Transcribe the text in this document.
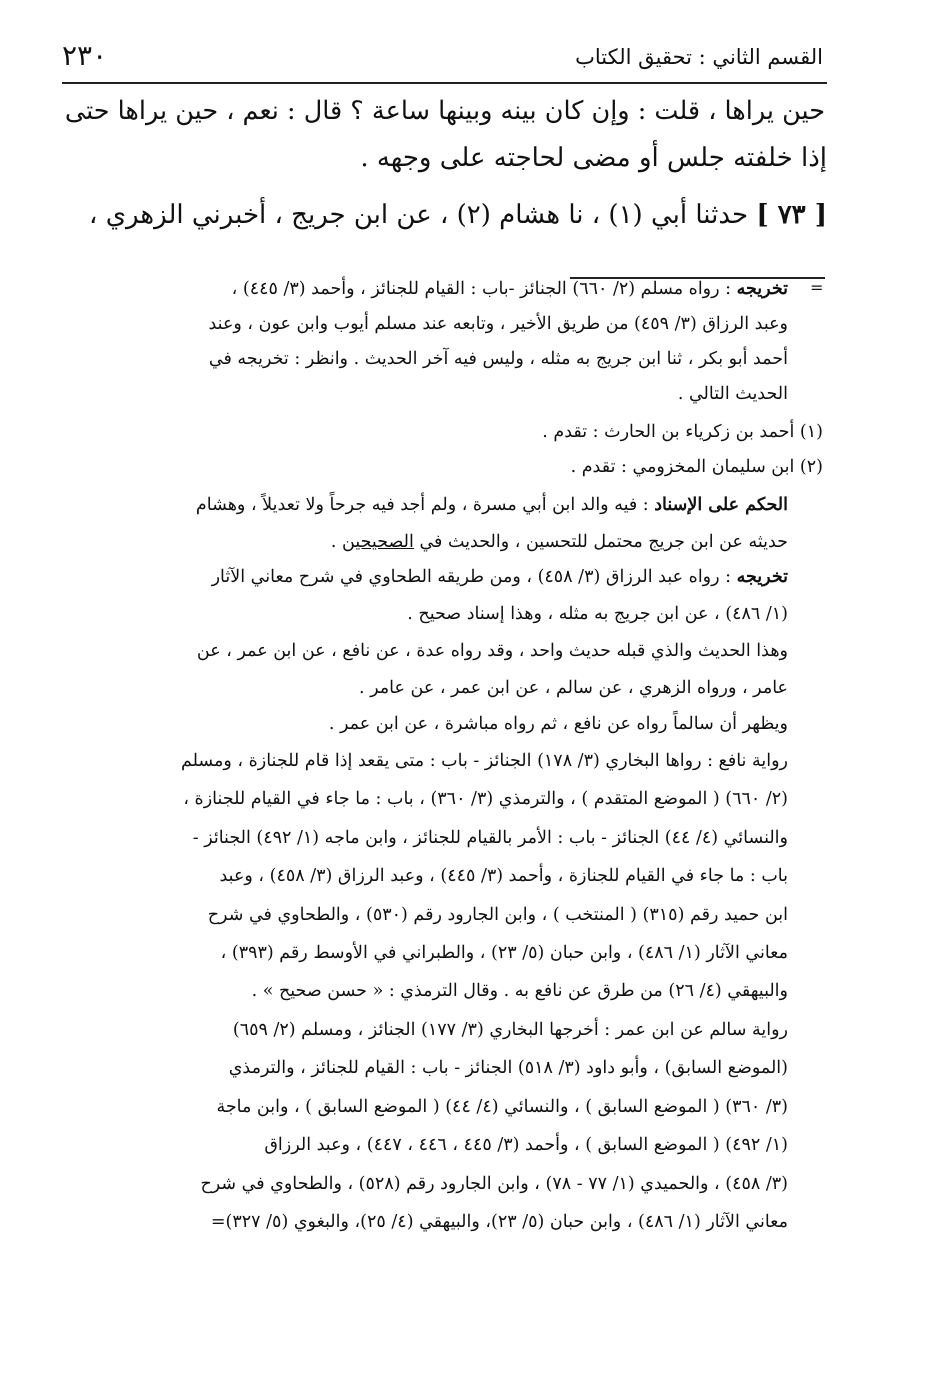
٢٣٠	القسم الثاني : تحقيق الكتاب
حين يراها ، قلت : وإن كان بينه وبينها ساعة ؟ قال : نعم ، حين يراها حتى
إذا خلفته جلس أو مضى لحاجته على وجهه .
[ ٧٣ ] حدثنا أبي (١) ، نا هشام (٢) ، عن ابن جريج ، أخبرني الزهري ،
=
تخريجه : رواه مسلم (٢/ ٦٦٠) الجنائز -باب : القيام للجنائز ، وأحمد (٣/ ٤٤٥) ،
وعبد الرزاق (٣/ ٤٥٩) من طريق الأخير ، وتابعه عند مسلم أيوب وابن عون ، وعند
أحمد أبو بكر ، ثنا ابن جريج به مثله ، وليس فيه آخر الحديث . وانظر : تخريجه في
الحديث التالي .
(١) أحمد بن زكرياء بن الحارث : تقدم .
(٢) ابن سليمان المخزومي : تقدم .
الحكم على الإسناد : فيه والد ابن أبي مسرة ، ولم أجد فيه جرحاً ولا تعديلاً ، وهشام
حديثه عن ابن جريج محتمل للتحسين ، والحديث في الصحيحين .
تخريجه : رواه عبد الرزاق (٣/ ٤٥٨) ، ومن طريقه الطحاوي في شرح معاني الآثار
(١/ ٤٨٦) ، عن ابن جريج به مثله ، وهذا إسناد صحيح .
وهذا الحديث والذي قبله حديث واحد ، وقد رواه عدة ، عن نافع ، عن ابن عمر ، عن
عامر ، ورواه الزهري ، عن سالم ، عن ابن عمر ، عن عامر .
ويظهر أن سالماً رواه عن نافع ، ثم رواه مباشرة ، عن ابن عمر .
رواية نافع : رواها البخاري (٣/ ١٧٨) الجنائز - باب : متى يقعد إذا قام للجنازة ، ومسلم
(٢/ ٦٦٠) ( الموضع المتقدم ) ، والترمذي (٣/ ٣٦٠) ، باب : ما جاء في القيام للجنازة ،
والنسائي (٤/ ٤٤) الجنائز - باب : الأمر بالقيام للجنائز ، وابن ماجه (١/ ٤٩٢) الجنائز -
باب : ما جاء في القيام للجنازة ، وأحمد (٣/ ٤٤٥) ، وعبد الرزاق (٣/ ٤٥٨) ، وعبد
ابن حميد رقم (٣١٥) ( المنتخب ) ، وابن الجارود رقم (٥٣٠) ، والطحاوي في شرح
معاني الآثار (١/ ٤٨٦) ، وابن حبان (٥/ ٢٣) ، والطبراني في الأوسط رقم (٣٩٣) ،
والبيهقي (٤/ ٢٦) من طرق عن نافع به . وقال الترمذي : « حسن صحيح » .
رواية سالم عن ابن عمر : أخرجها البخاري (٣/ ١٧٧) الجنائز ، ومسلم (٢/ ٦٥٩)
(الموضع السابق) ، وأبو داود (٣/ ٥١٨) الجنائز - باب : القيام للجنائز ، والترمذي
(٣/ ٣٦٠) ( الموضع السابق ) ، والنسائي (٤/ ٤٤) ( الموضع السابق ) ، وابن ماجة
(١/ ٤٩٢) ( الموضع السابق ) ، وأحمد (٣/ ٤٤٥ ، ٤٤٦ ، ٤٤٧) ، وعبد الرزاق
(٣/ ٤٥٨) ، والحميدي (١/ ٧٧ - ٧٨) ، وابن الجارود رقم (٥٢٨) ، والطحاوي في شرح
معاني الآثار (١/ ٤٨٦) ، وابن حبان (٥/ ٢٣)، والبيهقي (٤/ ٢٥)، والبغوي (٥/ ٣٢٧)=
